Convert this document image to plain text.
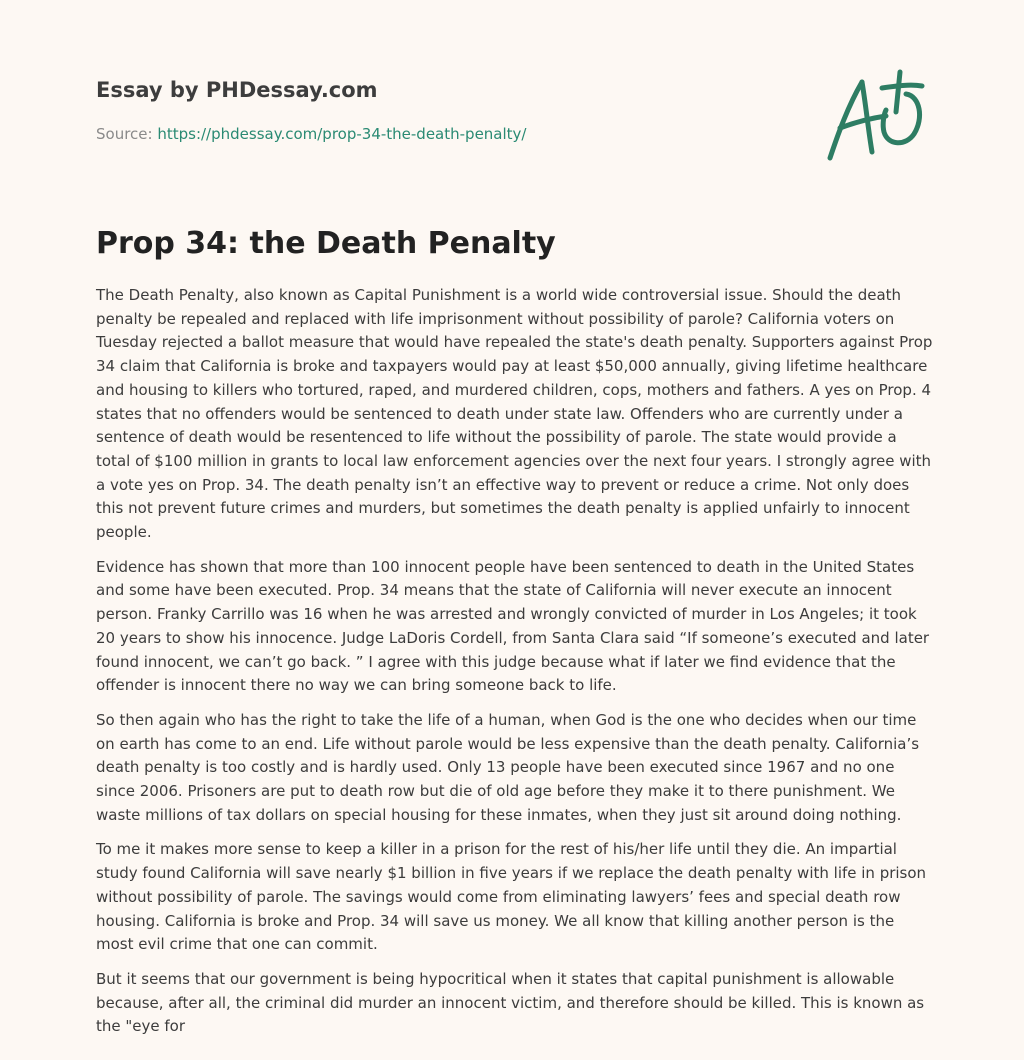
Essay by PHDessay.com
Source: https://phdessay.com/prop-34-the-death-penalty/
Prop 34: the Death Penalty

The Death Penalty, also known as Capital Punishment is a world wide controversial issue. Should the death penalty be repealed and replaced with life imprisonment without possibility of parole? California voters on Tuesday rejected a ballot measure that would have repealed the state's death penalty. Supporters against Prop 34 claim that California is broke and taxpayers would pay at least $50,000 annually, giving lifetime healthcare and housing to killers who tortured, raped, and murdered children, cops, mothers and fathers. A yes on Prop. 4 states that no offenders would be sentenced to death under state law. Offenders who are currently under a sentence of death would be resentenced to life without the possibility of parole. The state would provide a total of $100 million in grants to local law enforcement agencies over the next four years. I strongly agree with a vote yes on Prop. 34. The death penalty isn’t an effective way to prevent or reduce a crime. Not only does this not prevent future crimes and murders, but sometimes the death penalty is applied unfairly to innocent people.

Evidence has shown that more than 100 innocent people have been sentenced to death in the United States and some have been executed. Prop. 34 means that the state of California will never execute an innocent person. Franky Carrillo was 16 when he was arrested and wrongly convicted of murder in Los Angeles; it took 20 years to show his innocence. Judge LaDoris Cordell, from Santa Clara said “If someone’s executed and later found innocent, we can’t go back. ” I agree with this judge because what if later we find evidence that the offender is innocent there no way we can bring someone back to life.

So then again who has the right to take the life of a human, when God is the one who decides when our time on earth has come to an end. Life without parole would be less expensive than the death penalty. California’s death penalty is too costly and is hardly used. Only 13 people have been executed since 1967 and no one since 2006. Prisoners are put to death row but die of old age before they make it to there punishment. We waste millions of tax dollars on special housing for these inmates, when they just sit around doing nothing.

To me it makes more sense to keep a killer in a prison for the rest of his/her life until they die. An impartial study found California will save nearly $1 billion in five years if we replace the death penalty with life in prison without possibility of parole. The savings would come from eliminating lawyers’ fees and special death row housing. California is broke and Prop. 34 will save us money. We all know that killing another person is the most evil crime that one can commit.

But it seems that our government is being hypocritical when it states that capital punishment is allowable because, after all, the criminal did murder an innocent victim, and therefore should be killed. This is known as the "eye for
